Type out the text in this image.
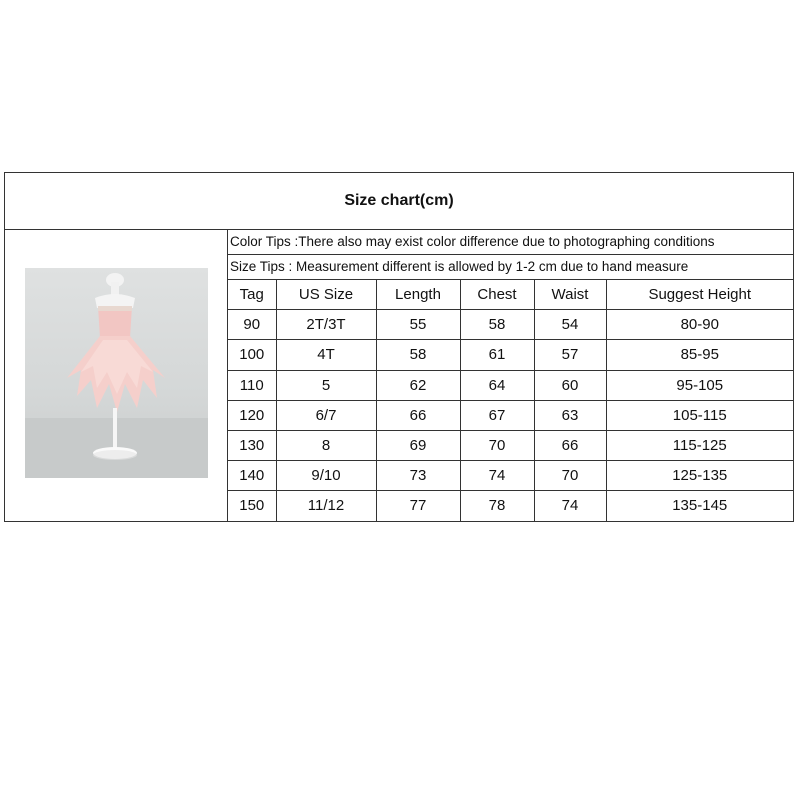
Size chart(cm)
Color Tips :There also may exist color difference due to photographing conditions
Size Tips : Measurement different is allowed by 1-2 cm due to hand measure
Tag	US Size	Length	Chest	Waist	Suggest Height
90	2T/3T	55	58	54	80-90
100	4T	58	61	57	85-95
110	5	62	64	60	95-105
120	6/7	66	67	63	105-115
130	8	69	70	66	115-125
140	9/10	73	74	70	125-135
150	11/12	77	78	74	135-145
